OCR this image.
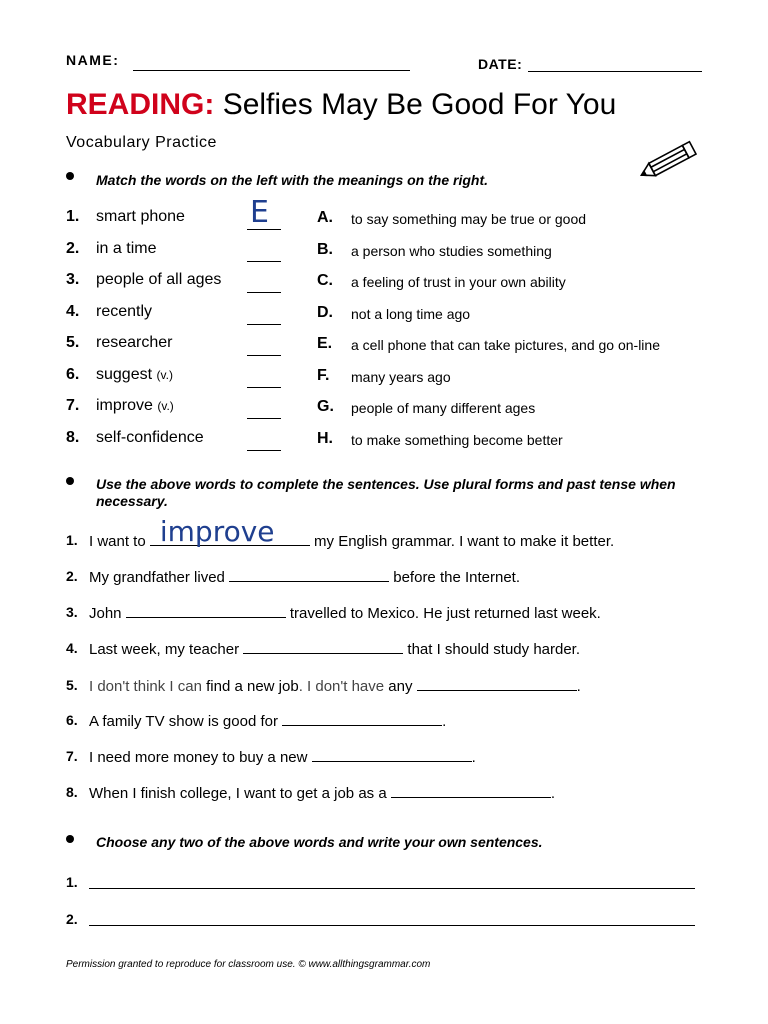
NAME:	DATE:
READING: Selfies May Be Good For You
Vocabulary Practice
Match the words on the left with the meanings on the right.
E
1. smart phone	A. to say something may be true or good
2. in a time	B. a person who studies something
3. people of all ages	C. a feeling of trust in your own ability
4. recently	D. not a long time ago
5. researcher	E. a cell phone that can take pictures, and go on-line
6. suggest (v.)	F. many years ago
7. improve (v.)	G. people of many different ages
8. self-confidence	H. to make something become better
Use the above words to complete the sentences. Use plural forms and past tense when necessary.
1. I want to improve my English grammar. I want to make it better.
2. My grandfather lived	before the Internet.
3. John	travelled to Mexico. He just returned last week.
4. Last week, my teacher	that I should study harder.
5. I don't think I can find a new job. I don't have any	.
6. A family TV show is good for	.
7. I need more money to buy a new	.
8. When I finish college, I want to get a job as a	.
Choose any two of the above words and write your own sentences.
1.
2.
Permission granted to reproduce for classroom use. © www.allthingsgrammar.com
